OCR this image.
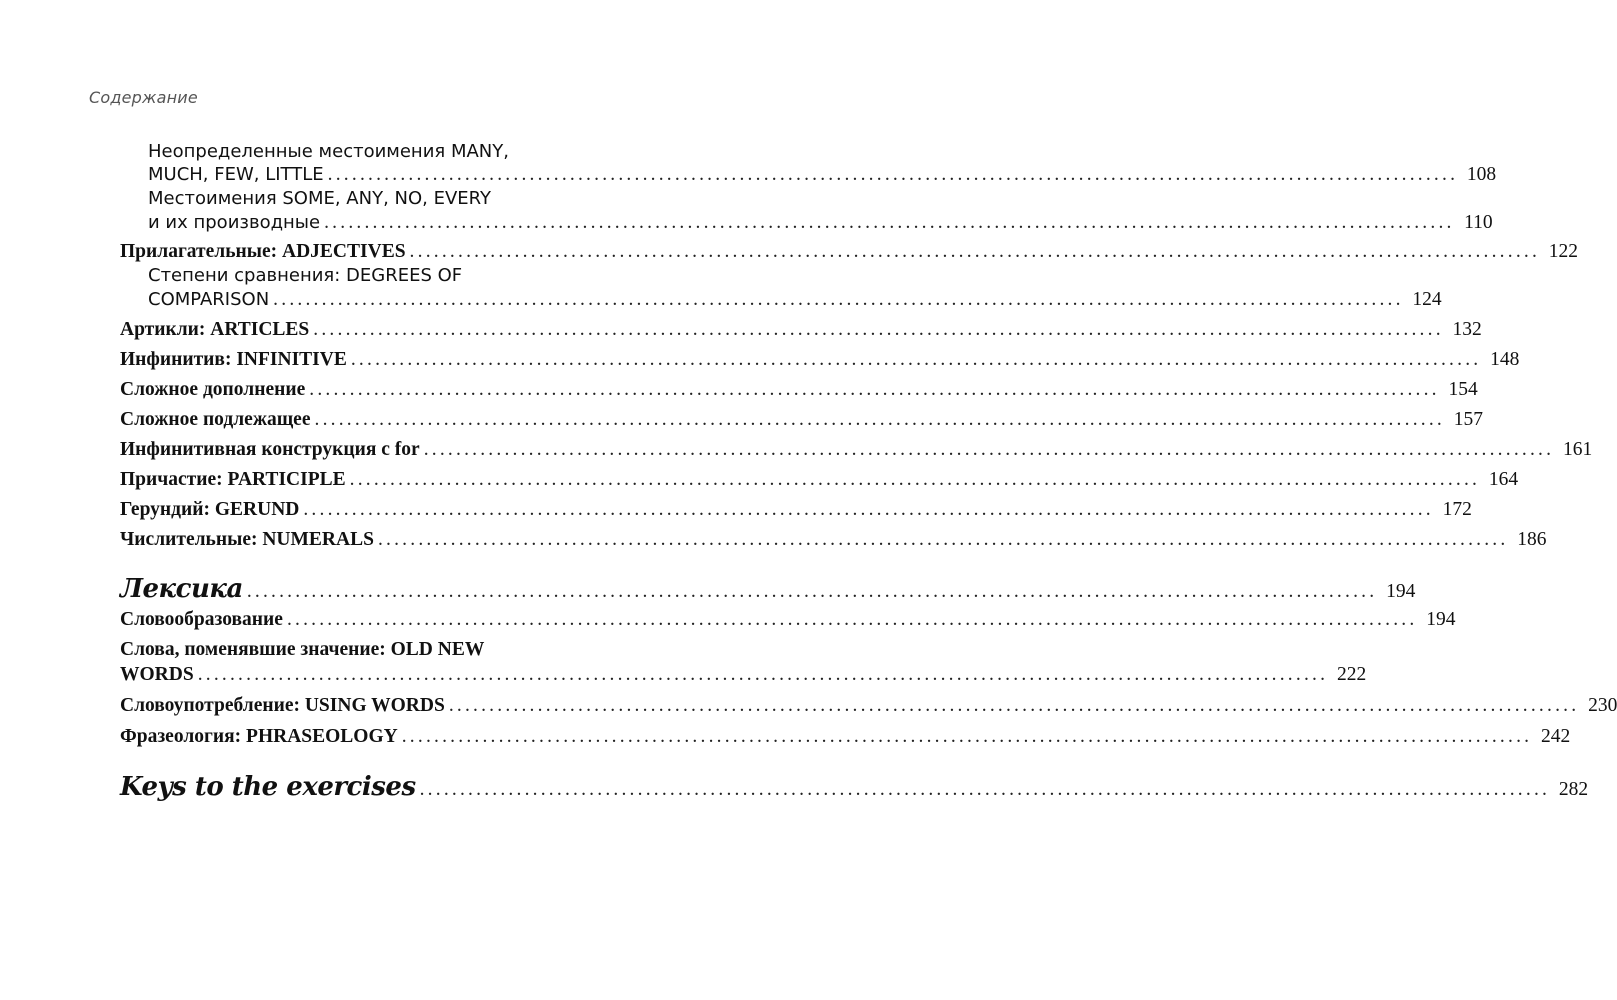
Содержание
Неопределенные местоимения MANY,
MUCH, FEW, LITTLE ............................................................................................................................................ 108
Местоимения SOME, ANY, NO, EVERY
и их производные ............................................................................................................................................ 110
Прилагательные: ADJECTIVES ............................................................................................................................................ 122
Степени сравнения: DEGREES OF
COMPARISON ............................................................................................................................................ 124
Артикли: ARTICLES ............................................................................................................................................ 132
Инфинитив: INFINITIVE ............................................................................................................................................ 148
Сложное дополнение ............................................................................................................................................ 154
Сложное подлежащее ............................................................................................................................................ 157
Инфинитивная конструкция с for ............................................................................................................................................ 161
Причастие: PARTICIPLE ............................................................................................................................................ 164
Герундий: GERUND ............................................................................................................................................ 172
Числительные: NUMERALS ............................................................................................................................................ 186
Лексика ............................................................................................................................................ 194
Словообразование ............................................................................................................................................ 194
Слова, поменявшие значение: OLD NEW
WORDS ............................................................................................................................................ 222
Словоупотребление: USING WORDS ............................................................................................................................................ 230
Фразеология: PHRASEOLOGY ............................................................................................................................................ 242
Keys to the exercises ............................................................................................................................................ 282
